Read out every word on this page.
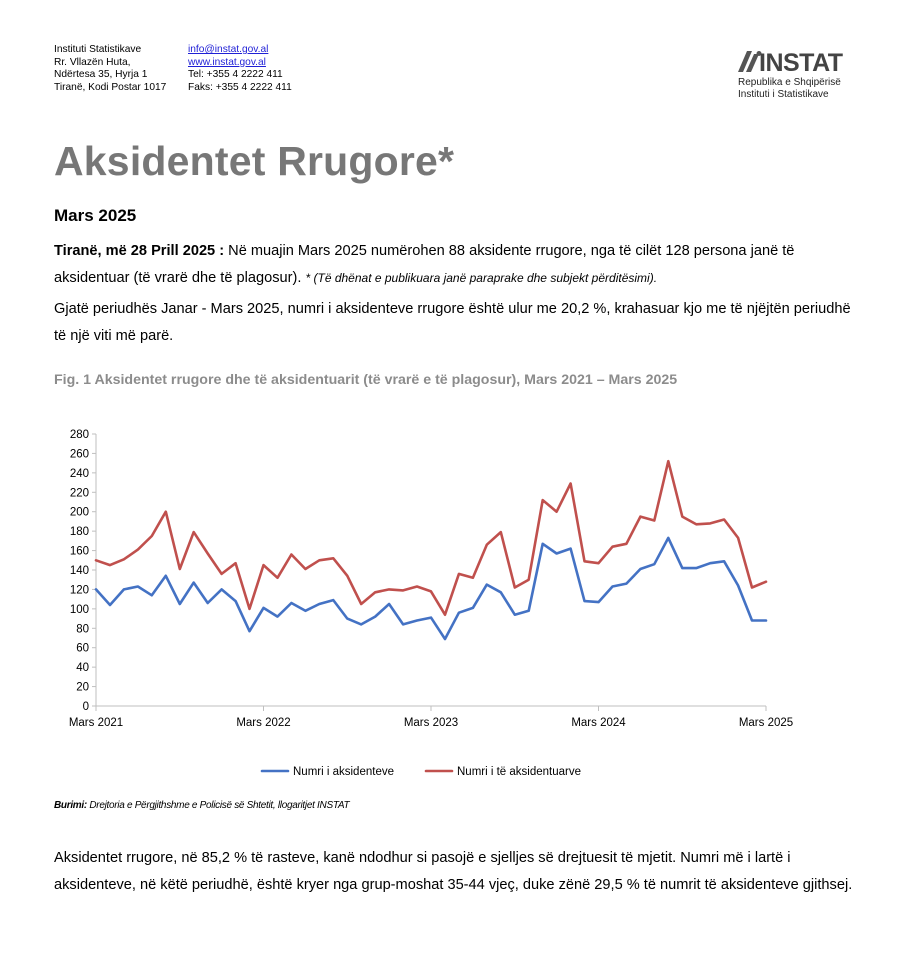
Instituti Statistikave
Rr. Vllazën Huta,
Ndërtesa 35, Hyrja 1
Tiranë, Kodi Postar 1017
info@instat.gov.al
www.instat.gov.al
Tel: +355 4 2222 411
Faks: +355 4 2222 411
INSTAT
Republika e Shqipërisë
Instituti i Statistikave
Aksidentet Rrugore*
Mars 2025
Tiranë, më 28 Prill 2025 : Në muajin Mars 2025 numërohen 88 aksidente rrugore, nga të cilët 128 persona janë të aksidentuar (të vrarë dhe të plagosur). * (Të dhënat e publikuara janë paraprake dhe subjekt përditësimi).
Gjatë periudhës Janar - Mars 2025, numri i aksidenteve rrugore është ulur me 20,2 %, krahasuar kjo me të njëjtën periudhë të një viti më parë.
Fig. 1 Aksidentet rrugore dhe të aksidentuarit (të vrarë e të plagosur), Mars 2021 – Mars 2025
0
20
40
60
80
100
120
140
160
180
200
220
240
260
280
Mars 2021	Mars 2022	Mars 2023	Mars 2024	Mars 2025
Numri i aksidenteve	Numri i të aksidentuarve
Burimi: Drejtoria e Përgjithshme e Policisë së Shtetit, llogaritjet INSTAT
Aksidentet rrugore, në 85,2 % të rasteve, kanë ndodhur si pasojë e sjelljes së drejtuesit të mjetit. Numri më i lartë i aksidenteve, në këtë periudhë, është kryer nga grup-moshat 35-44 vjeç, duke zënë 29,5 % të numrit të aksidenteve gjithsej.
